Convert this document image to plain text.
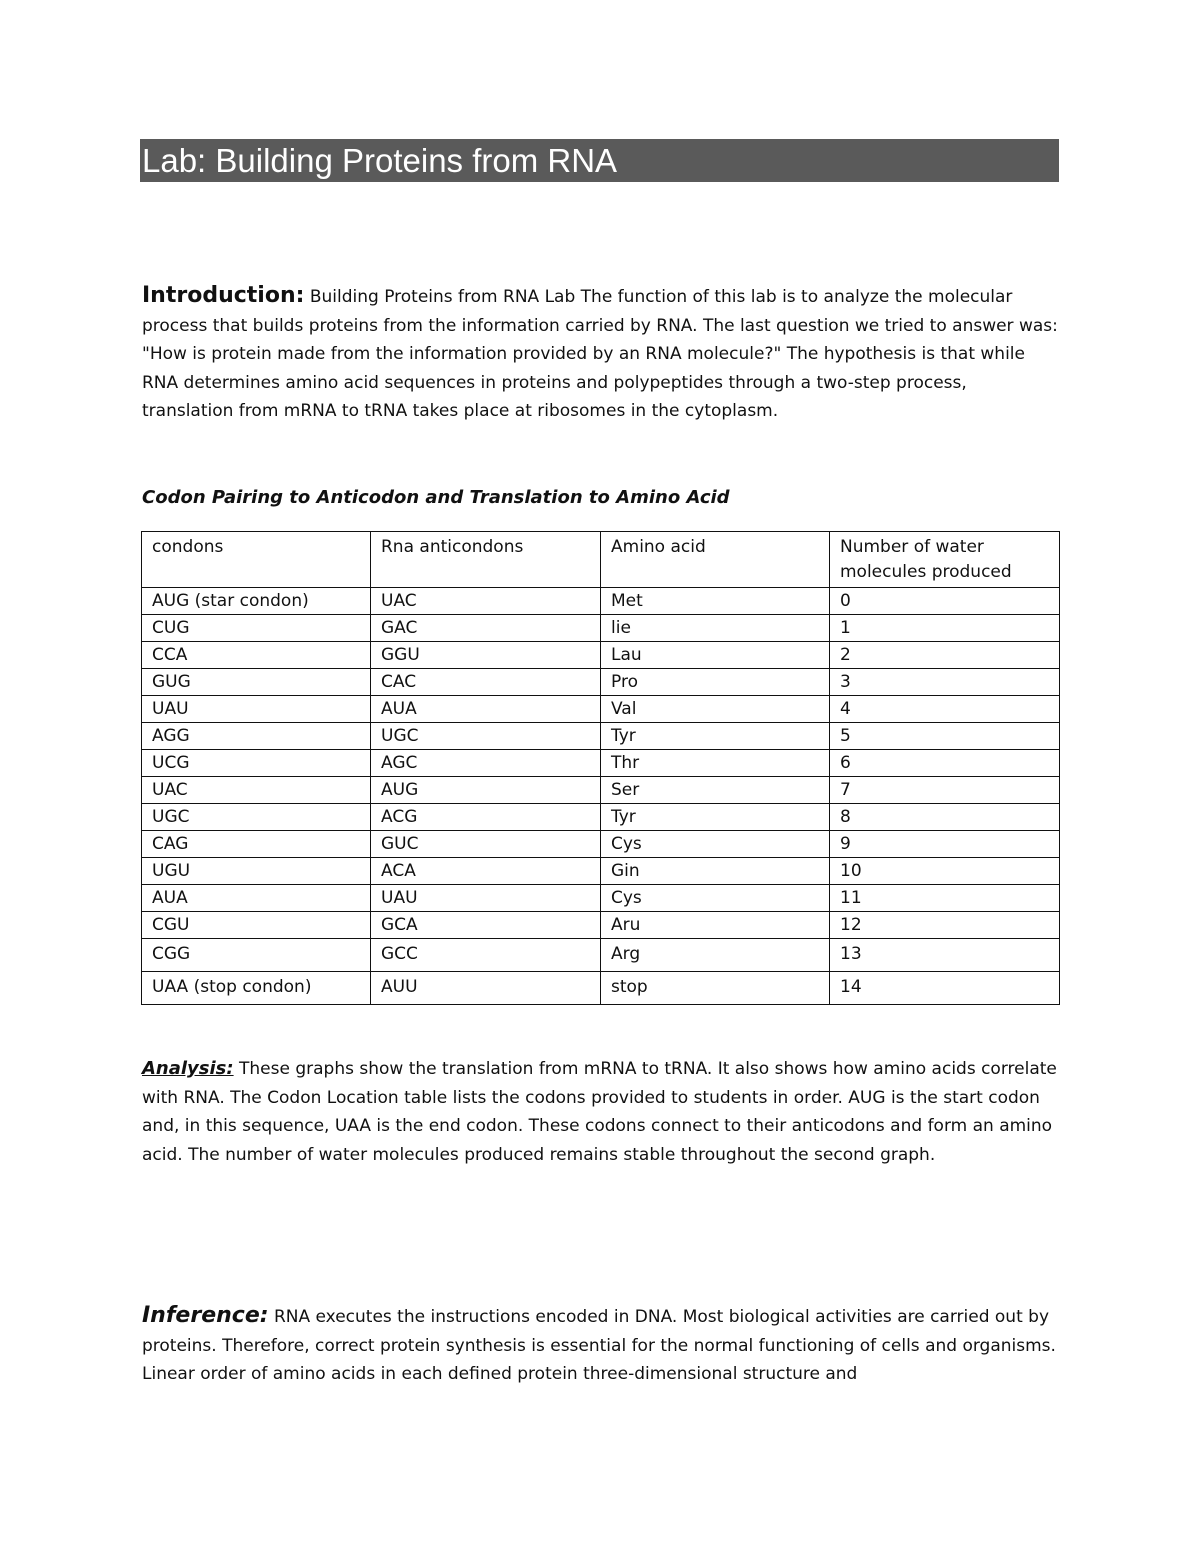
Lab: Building Proteins from RNA
Introduction: Building Proteins from RNA Lab The function of this lab is to analyze the molecular process that builds proteins from the information carried by RNA. The last question we tried to answer was: "How is protein made from the information provided by an RNA molecule?" The hypothesis is that while RNA determines amino acid sequences in proteins and polypeptides through a two-step process, translation from mRNA to tRNA takes place at ribosomes in the cytoplasm.
Codon Pairing to Anticodon and Translation to Amino Acid
condons	Rna anticondons	Amino acid	Number of water molecules produced
AUG (star condon)	UAC	Met	0
CUG	GAC	lie	1
CCA	GGU	Lau	2
GUG	CAC	Pro	3
UAU	AUA	Val	4
AGG	UGC	Tyr	5
UCG	AGC	Thr	6
UAC	AUG	Ser	7
UGC	ACG	Tyr	8
CAG	GUC	Cys	9
UGU	ACA	Gin	10
AUA	UAU	Cys	11
CGU	GCA	Aru	12
CGG	GCC	Arg	13
UAA (stop condon)	AUU	stop	14
Analysis: These graphs show the translation from mRNA to tRNA. It also shows how amino acids correlate with RNA. The Codon Location table lists the codons provided to students in order. AUG is the start codon and, in this sequence, UAA is the end codon. These codons connect to their anticodons and form an amino acid. The number of water molecules produced remains stable throughout the second graph.
Inference: RNA executes the instructions encoded in DNA. Most biological activities are carried out by proteins. Therefore, correct protein synthesis is essential for the normal functioning of cells and organisms. Linear order of amino acids in each defined protein three-dimensional structure and
